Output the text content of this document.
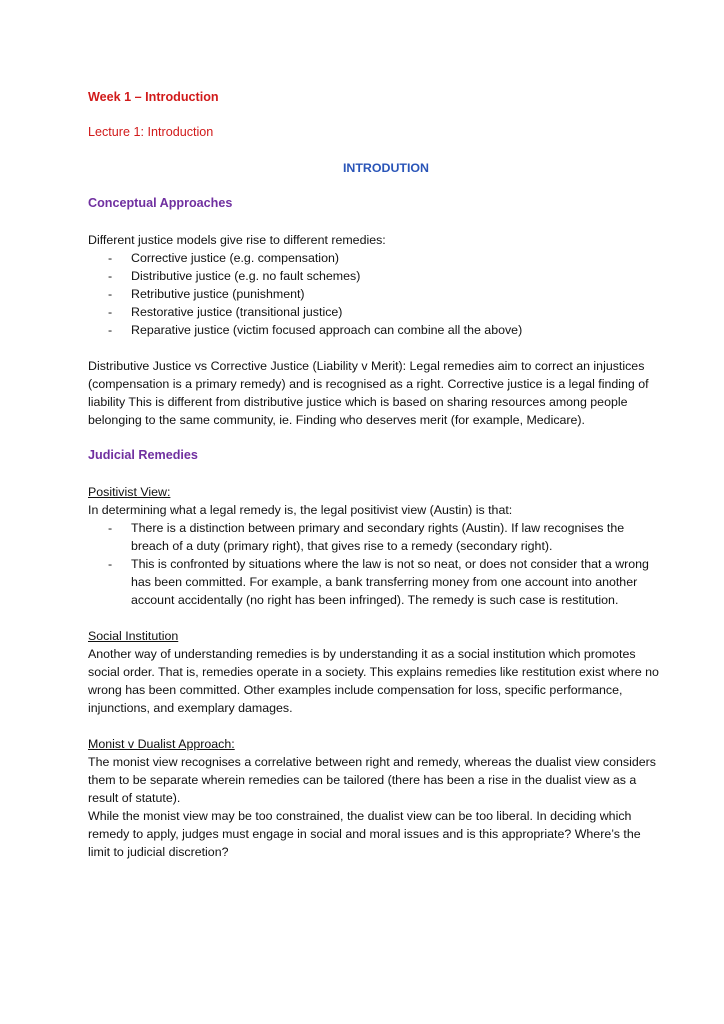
Week 1 – Introduction
Lecture 1: Introduction
INTRODUTION
Conceptual Approaches

Different justice models give rise to different remedies:

- Corrective justice (e.g. compensation)
- Distributive justice (e.g. no fault schemes)
- Retributive justice (punishment)
- Restorative justice (transitional justice)
- Reparative justice (victim focused approach can combine all the above)

Distributive Justice vs Corrective Justice (Liability v Merit): Legal remedies aim to correct an injustices (compensation is a primary remedy) and is recognised as a right. Corrective justice is a legal finding of liability This is different from distributive justice which is based on sharing resources among people belonging to the same community, ie. Finding who deserves merit (for example, Medicare).

Judicial Remedies

Positivist View:

In determining what a legal remedy is, the legal positivist view (Austin) is that:

- There is a distinction between primary and secondary rights (Austin). If law recognises the breach of a duty (primary right), that gives rise to a remedy (secondary right).
- This is confronted by situations where the law is not so neat, or does not consider that a wrong has been committed. For example, a bank transferring money from one account into another account accidentally (no right has been infringed). The remedy is such case is restitution.

Social Institution

Another way of understanding remedies is by understanding it as a social institution which promotes social order. That is, remedies operate in a society. This explains remedies like restitution exist where no wrong has been committed. Other examples include compensation for loss, specific performance, injunctions, and exemplary damages.

Monist v Dualist Approach:

The monist view recognises a correlative between right and remedy, whereas the dualist view considers them to be separate wherein remedies can be tailored (there has been a rise in the dualist view as a result of statute).

While the monist view may be too constrained, the dualist view can be too liberal. In deciding which remedy to apply, judges must engage in social and moral issues and is this appropriate? Where’s the limit to judicial discretion?
